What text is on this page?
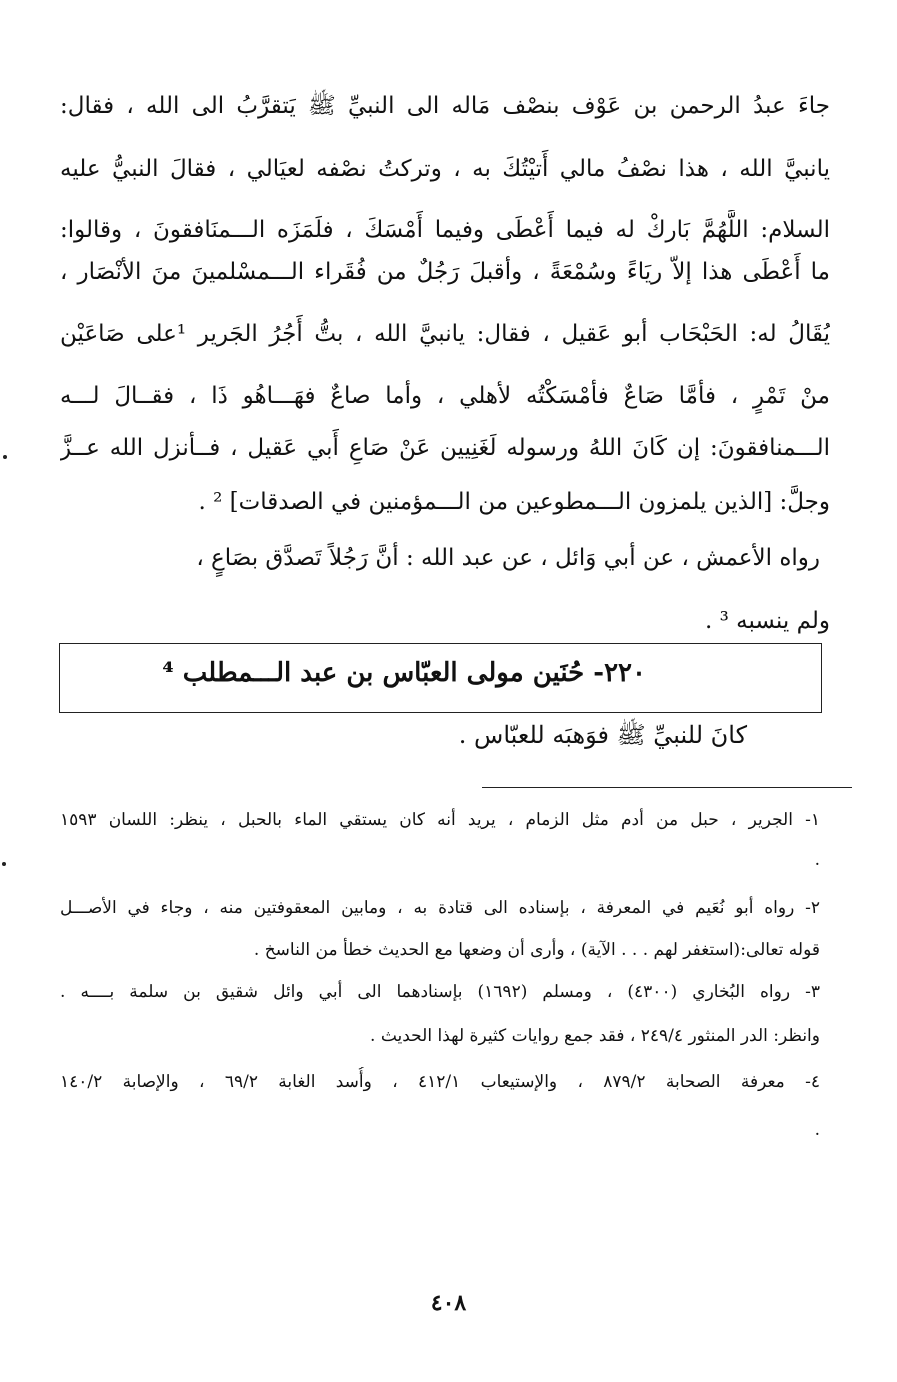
جاءَ عبدُ الرحمن بن عَوْف بنصْف مَاله الى النبيِّ ﷺ يَتقرَّبُ الى الله ، فقال:
يانبيَّ الله ، هذا نصْفُ مالي أَتيْتُكَ به ، وتركتُ نصْفه لعيَالي ، فقالَ النبيُّ عليه
السلام: اللَّهُمَّ بَاركْ له فيما أَعْطَى وفيما أَمْسَكَ ، فلَمَزَه الـــمنَافقونَ ، وقالوا:
ما أَعْطَى هذا إلاّ ريَاءً وسُمْعَةً ، وأقبلَ رَجُلٌ من فُقَراء الـــمسْلمينَ منَ الأنْصَار ،
يُقَالُ له: الحَبْحَاب أبو عَقيل ، فقال: يانبيَّ الله ، بتُّ أَجُرُ الجَرير ¹على صَاعَيْن
منْ تَمْرٍ ، فأمَّا صَاعٌ فأمْسَكْتُه لأهلي ، وأما صاعٌ فهَـــاهُو ذَا ، فقــالَ لـــه
الـــمنافقونَ: إن كَانَ اللهُ ورسوله لَغَنِيين عَنْ صَاعِ أَبي عَقيل ، فــأنزل الله عــزَّ
وجلَّ: [الذين يلمزون الـــمطوعين من الـــمؤمنين في الصدقات] ² .
رواه الأعمش ، عن أبي وَائل ، عن عبد الله : أنَّ رَجُلاً تَصدَّق بصَاعٍ ،
ولم ينسبه ³ .
٢٢٠- حُنَين مولى العبّاس بن عبد الـــمطلب ⁴
كانَ للنبيِّ ﷺ فوَهبَه للعبّاس .
١- الجرير ، حبل من أدم مثل الزمام ، يريد أنه كان يستقي الماء بالحبل ، ينظر: اللسان ١٥٩٣
.
٢- رواه أبو نُعَيم في المعرفة ، بإسناده الى قتادة به ، ومابين المعقوفتين منه ، وجاء في الأصـــل
قوله تعالى:(استغفر لهم . . . الآية) ، وأرى أن وضعها مع الحديث خطأ من الناسخ .
٣- رواه البُخاري (٤٣٠٠) ، ومسلم (١٦٩٢) بإسنادهما الى أبي وائل شقيق بن سلمة بــــه .
وانظر: الدر المنثور ٢٤٩/٤ ، فقد جمع روايات كثيرة لهذا الحديث .
٤- معرفة الصحابة ٨٧٩/٢ ، والإستيعاب ٤١٢/١ ، وأُسد الغابة ٦٩/٢ ، والإصابة ١٤٠/٢
.
٤٠٨
